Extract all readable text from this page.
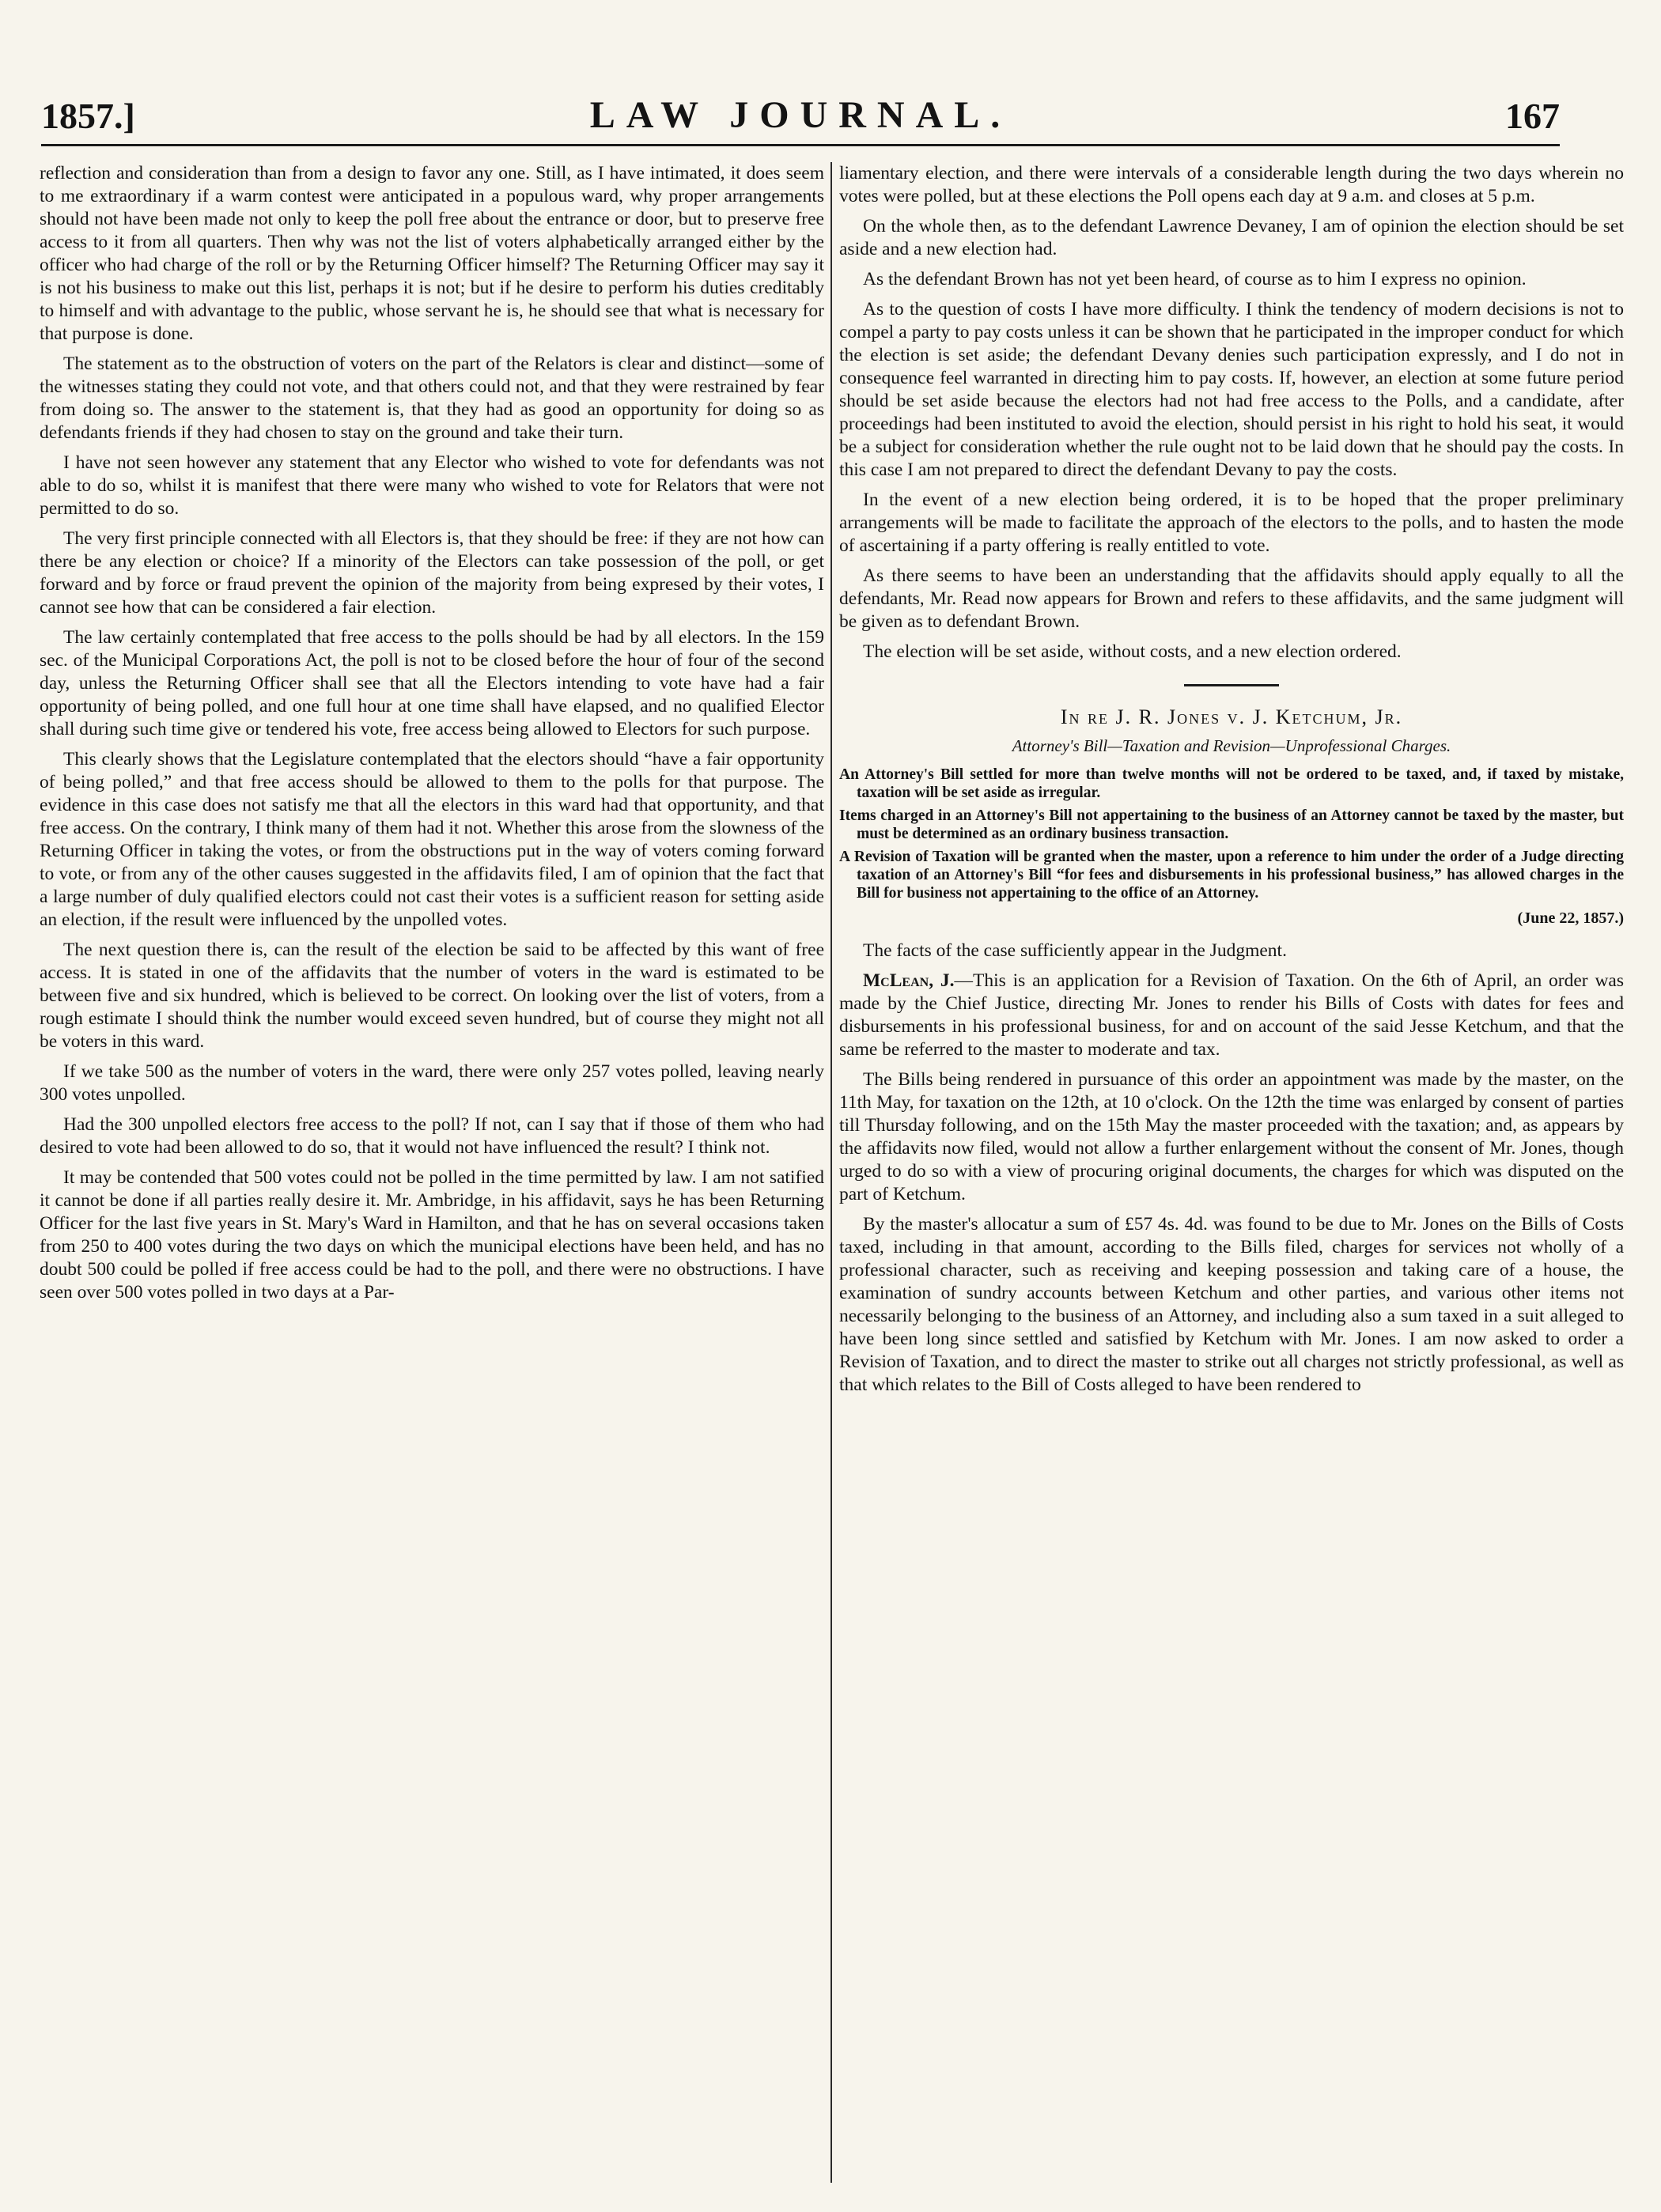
1857.]	LAW JOURNAL.	167

reflection and consideration than from a design to favor any one. Still, as I have intimated, it does seem to me extraordinary if a warm contest were anticipated in a populous ward, why proper arrangements should not have been made not only to keep the poll free about the entrance or door, but to preserve free access to it from all quarters. Then why was not the list of voters alphabetically arranged either by the officer who had charge of the roll or by the Returning Officer himself? The Returning Officer may say it is not his business to make out this list, perhaps it is not; but if he desire to perform his duties creditably to himself and with advantage to the public, whose servant he is, he should see that what is necessary for that purpose is done.

The statement as to the obstruction of voters on the part of the Relators is clear and distinct—some of the witnesses stating they could not vote, and that others could not, and that they were restrained by fear from doing so. The answer to the statement is, that they had as good an opportunity for doing so as defendants friends if they had chosen to stay on the ground and take their turn.

I have not seen however any statement that any Elector who wished to vote for defendants was not able to do so, whilst it is manifest that there were many who wished to vote for Relators that were not permitted to do so.

The very first principle connected with all Electors is, that they should be free: if they are not how can there be any election or choice? If a minority of the Electors can take possession of the poll, or get forward and by force or fraud prevent the opinion of the majority from being expresed by their votes, I cannot see how that can be considered a fair election.

The law certainly contemplated that free access to the polls should be had by all electors. In the 159 sec. of the Municipal Corporations Act, the poll is not to be closed before the hour of four of the second day, unless the Returning Officer shall see that all the Electors intending to vote have had a fair opportunity of being polled, and one full hour at one time shall have elapsed, and no qualified Elector shall during such time give or tendered his vote, free access being allowed to Electors for such purpose.

This clearly shows that the Legislature contemplated that the electors should “have a fair opportunity of being polled,” and that free access should be allowed to them to the polls for that purpose. The evidence in this case does not satisfy me that all the electors in this ward had that opportunity, and that free access. On the contrary, I think many of them had it not. Whether this arose from the slowness of the Returning Officer in taking the votes, or from the obstructions put in the way of voters coming forward to vote, or from any of the other causes suggested in the affidavits filed, I am of opinion that the fact that a large number of duly qualified electors could not cast their votes is a sufficient reason for setting aside an election, if the result were influenced by the unpolled votes.

The next question there is, can the result of the election be said to be affected by this want of free access. It is stated in one of the affidavits that the number of voters in the ward is estimated to be between five and six hundred, which is believed to be correct. On looking over the list of voters, from a rough estimate I should think the number would exceed seven hundred, but of course they might not all be voters in this ward.

If we take 500 as the number of voters in the ward, there were only 257 votes polled, leaving nearly 300 votes unpolled.

Had the 300 unpolled electors free access to the poll? If not, can I say that if those of them who had desired to vote had been allowed to do so, that it would not have influenced the result? I think not.

It may be contended that 500 votes could not be polled in the time permitted by law. I am not satified it cannot be done if all parties really desire it. Mr. Ambridge, in his affidavit, says he has been Returning Officer for the last five years in St. Mary's Ward in Hamilton, and that he has on several occasions taken from 250 to 400 votes during the two days on which the municipal elections have been held, and has no doubt 500 could be polled if free access could be had to the poll, and there were no obstructions. I have seen over 500 votes polled in two days at a Par-

liamentary election, and there were intervals of a considerable length during the two days wherein no votes were polled, but at these elections the Poll opens each day at 9 a.m. and closes at 5 p.m.

On the whole then, as to the defendant Lawrence Devaney, I am of opinion the election should be set aside and a new election had.

As the defendant Brown has not yet been heard, of course as to him I express no opinion.

As to the question of costs I have more difficulty. I think the tendency of modern decisions is not to compel a party to pay costs unless it can be shown that he participated in the improper conduct for which the election is set aside; the defendant Devany denies such participation expressly, and I do not in consequence feel warranted in directing him to pay costs. If, however, an election at some future period should be set aside because the electors had not had free access to the Polls, and a candidate, after proceedings had been instituted to avoid the election, should persist in his right to hold his seat, it would be a subject for consideration whether the rule ought not to be laid down that he should pay the costs. In this case I am not prepared to direct the defendant Devany to pay the costs.

In the event of a new election being ordered, it is to be hoped that the proper preliminary arrangements will be made to facilitate the approach of the electors to the polls, and to hasten the mode of ascertaining if a party offering is really entitled to vote.

As there seems to have been an understanding that the affidavits should apply equally to all the defendants, Mr. Read now appears for Brown and refers to these affidavits, and the same judgment will be given as to defendant Brown.

The election will be set aside, without costs, and a new election ordered.

In re J. R. Jones v. J. Ketchum, Jr.
Attorney's Bill—Taxation and Revision—Unprofessional Charges.
An Attorney's Bill settled for more than twelve months will not be ordered to be taxed, and, if taxed by mistake, taxation will be set aside as irregular.
Items charged in an Attorney's Bill not appertaining to the business of an Attorney cannot be taxed by the master, but must be determined as an ordinary business transaction.
A Revision of Taxation will be granted when the master, upon a reference to him under the order of a Judge directing taxation of an Attorney's Bill “for fees and disbursements in his professional business,” has allowed charges in the Bill for business not appertaining to the office of an Attorney.
(June 22, 1857.)

The facts of the case sufficiently appear in the Judgment.

McLean, J.—This is an application for a Revision of Taxation. On the 6th of April, an order was made by the Chief Justice, directing Mr. Jones to render his Bills of Costs with dates for fees and disbursements in his professional business, for and on account of the said Jesse Ketchum, and that the same be referred to the master to moderate and tax.

The Bills being rendered in pursuance of this order an appointment was made by the master, on the 11th May, for taxation on the 12th, at 10 o'clock. On the 12th the time was enlarged by consent of parties till Thursday following, and on the 15th May the master proceeded with the taxation; and, as appears by the affidavits now filed, would not allow a further enlargement without the consent of Mr. Jones, though urged to do so with a view of procuring original documents, the charges for which was disputed on the part of Ketchum.

By the master's allocatur a sum of £57 4s. 4d. was found to be due to Mr. Jones on the Bills of Costs taxed, including in that amount, according to the Bills filed, charges for services not wholly of a professional character, such as receiving and keeping possession and taking care of a house, the examination of sundry accounts between Ketchum and other parties, and various other items not necessarily belonging to the business of an Attorney, and including also a sum taxed in a suit alleged to have been long since settled and satisfied by Ketchum with Mr. Jones. I am now asked to order a Revision of Taxation, and to direct the master to strike out all charges not strictly professional, as well as that which relates to the Bill of Costs alleged to have been rendered to
